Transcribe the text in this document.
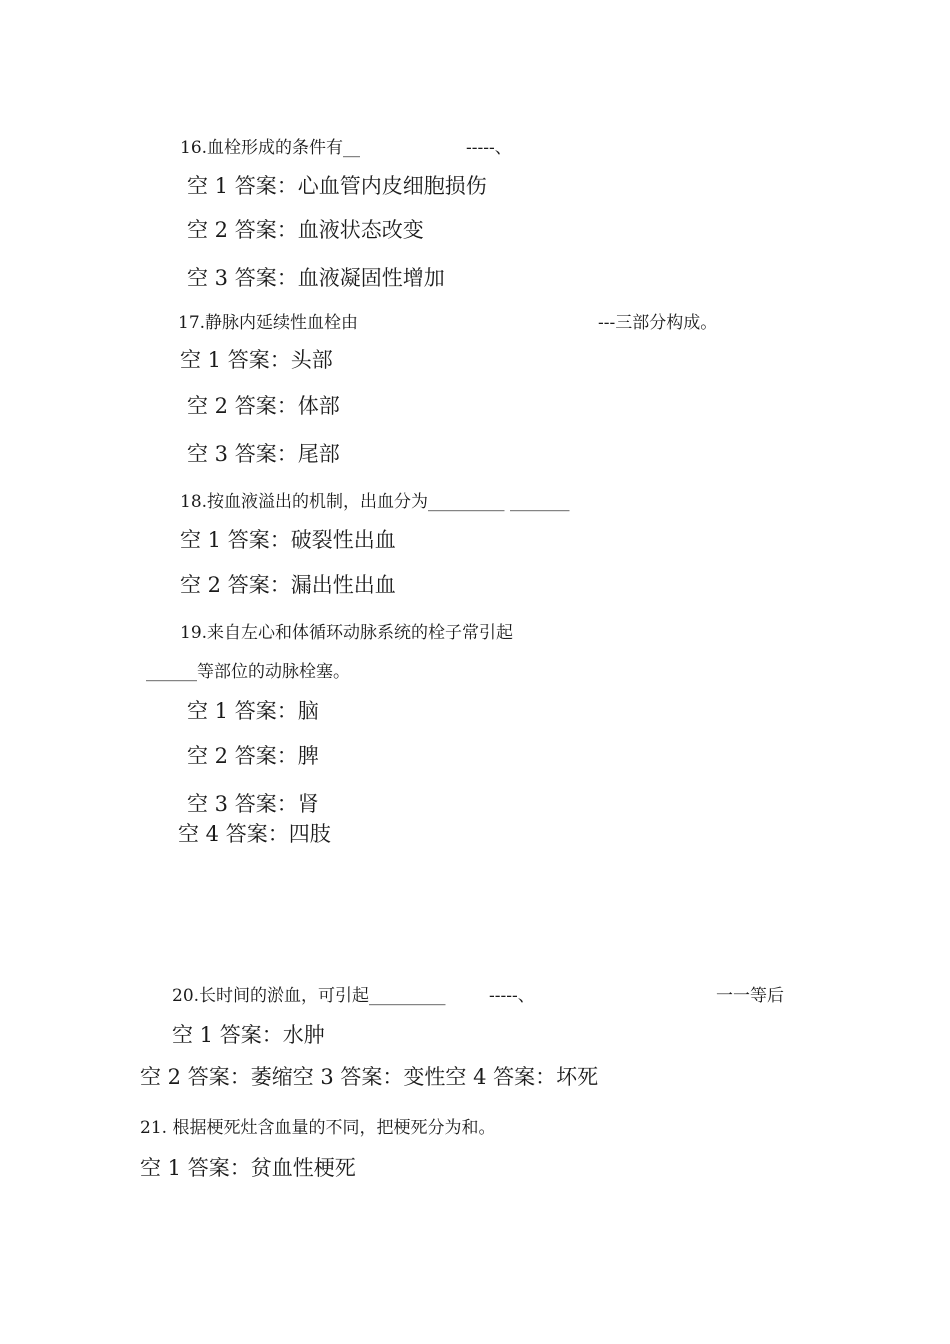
16.血栓形成的条件有__	-----、
空 1 答案：心血管内皮细胞损伤
空 2 答案：血液状态改变
空 3 答案：血液凝固性增加
17.静脉内延续性血栓由	---三部分构成。
空 1 答案：头部
空 2 答案：体部
空 3 答案：尾部
18.按血液溢出的机制，出血分为_________ _______
空 1 答案：破裂性出血
空 2 答案：漏出性出血
19.来自左心和体循环动脉系统的栓子常引起
______等部位的动脉栓塞。
空 1 答案：脑
空 2 答案：脾
空 3 答案：肾
空 4 答案：四肢
20.长时间的淤血，可引起_________	-----、	一一等后
空 1 答案：水肿
空 2 答案：萎缩空 3 答案：变性空 4 答案：坏死
21. 根据梗死灶含血量的不同，把梗死分为和。
空 1 答案：贫血性梗死
